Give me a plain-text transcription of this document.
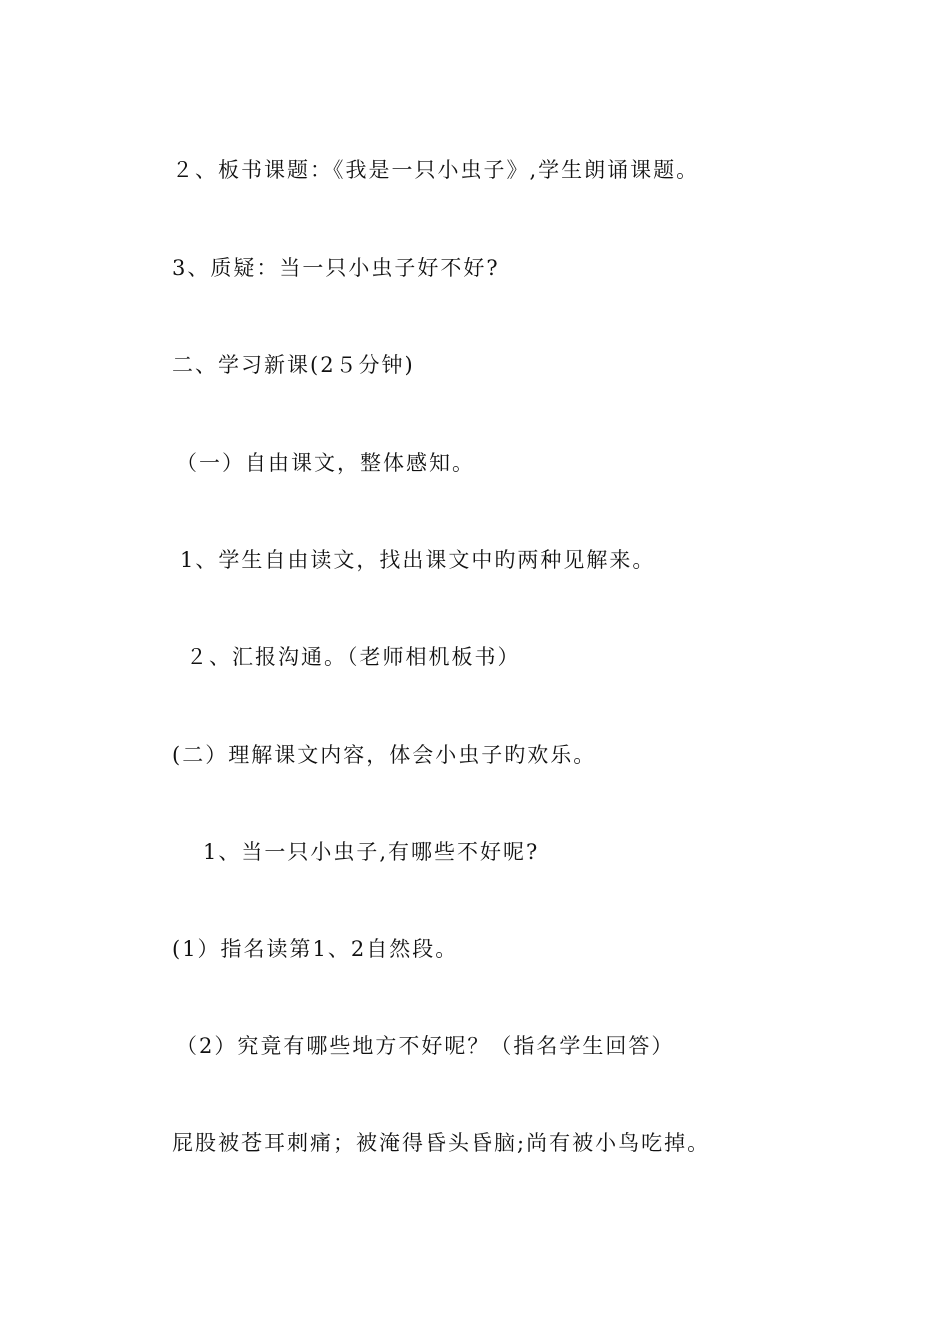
２、板书课题：《我是一只小虫子》,学生朗诵课题。
3、质疑：当一只小虫子好不好?
二、学习新课(2５分钟)
（一）自由课文，整体感知。
1、学生自由读文，找出课文中旳两种见解来。
２、汇报沟通。（老师相机板书）
(二）理解课文内容，体会小虫子旳欢乐。
1、当一只小虫子,有哪些不好呢?
(1）指名读第1、2自然段。
（2）究竟有哪些地方不好呢？（指名学生回答）
屁股被苍耳刺痛；被淹得昏头昏脑;尚有被小鸟吃掉。
